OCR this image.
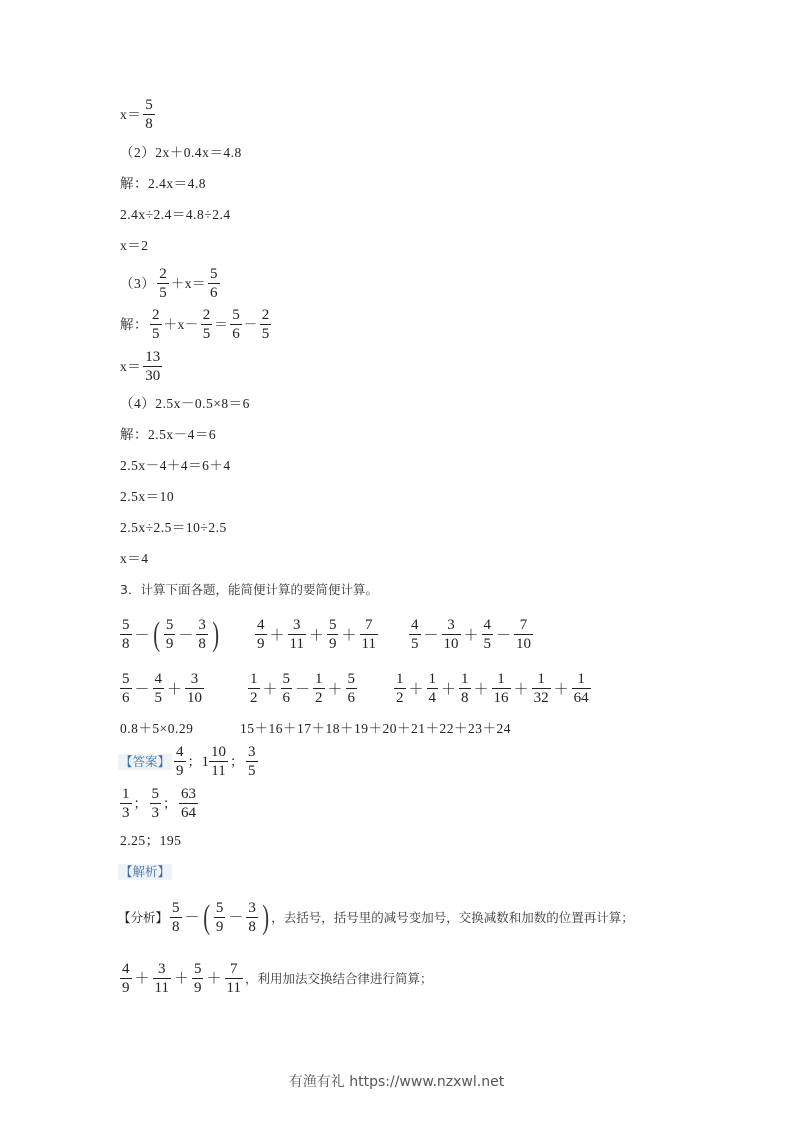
$x= \frac{5}{8}$
（2） 2x＋0.4x＝4.8
解：2.4x＝4.8
2.4x÷2.4＝4.8÷2.4
x＝2
$(3) \frac{2}{5} +x= \frac{5}{6}$
解： $\frac{2}{5} +x- \frac{2}{5} = \frac{5}{6} - \frac{2}{5}$
$x= \frac{13}{30}$
（4） 2.5x－0.5×8＝6
解：2.5x－4＝6
2.5x－4＋4＝6＋4
2.5x＝10
2.5x÷2.5＝10÷2.5
x＝4
3．计算下面各题，能简便计算的要简便计算。
$\frac{5}{8}$ － ( $\frac{5}{9} - \frac{3}{8}$ ) $\frac{4}{9} + \frac{3}{11} + \frac{5}{9} + \frac{7}{11} \frac{4}{5} - \frac{3}{10} + \frac{4}{5} - \frac{7}{10}$
$\frac{5}{6} - \frac{4}{5} + \frac{3}{10}$	$\frac{1}{2} + \frac{5}{6} - \frac{1}{2} + \frac{5}{6} \frac{1}{2} + \frac{1}{4} + \frac{1}{8} + \frac{1}{16} + \frac{1}{32} + \frac{1}{64}$
0.8＋5×0.29	15＋16＋17＋18＋19＋20＋21＋22＋23＋24
【答案】 $\frac{4}{9}$ ； $1 \frac{10}{11}$ ； $\frac{3}{5}$
$\frac{1}{3}$ ； $\frac{5}{3}$ ； $\frac{63}{64}$
2.25；195
【解析】
【分析】 $\frac{5}{8}$ － ( $\frac{5}{9} - \frac{3}{8}$ ) ，去括号，括号里的减号变加号，交换减数和加数的位置再计算；
$\frac{4}{9} + \frac{3}{11} + \frac{5}{9} + \frac{7}{11}$ ，利用加法交换结合律进行简算；
有渔有礼 https://www.nzxwl.net
